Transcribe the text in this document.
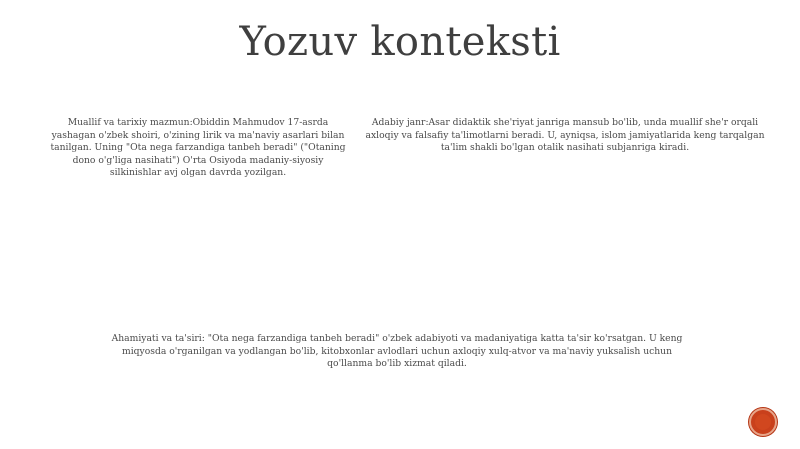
Yozuv konteksti
Muallif va tarixiy mazmun:Obiddin Mahmudov 17-asrda yashagan o'zbek shoiri, o'zining lirik va ma'naviy asarlari bilan tanilgan. Uning "Ota nega farzandiga tanbeh beradi" ("Otaning dono o'g'liga nasihati") O'rta Osiyoda madaniy-siyosiy silkinishlar avj olgan davrda yozilgan.
Adabiy janr:Asar didaktik she'riyat janriga mansub bo'lib, unda muallif she'r orqali axloqiy va falsafiy ta'limotlarni beradi. U, ayniqsa, islom jamiyatlarida keng tarqalgan ta'lim shakli bo'lgan otalik nasihati subjanriga kiradi.
Ahamiyati va ta'siri: "Ota nega farzandiga tanbeh beradi" o'zbek adabiyoti va madaniyatiga katta ta'sir ko'rsatgan. U keng miqyosda o'rganilgan va yodlangan bo'lib, kitobxonlar avlodlari uchun axloqiy xulq-atvor va ma'naviy yuksalish uchun qo'llanma bo'lib xizmat qiladi.
